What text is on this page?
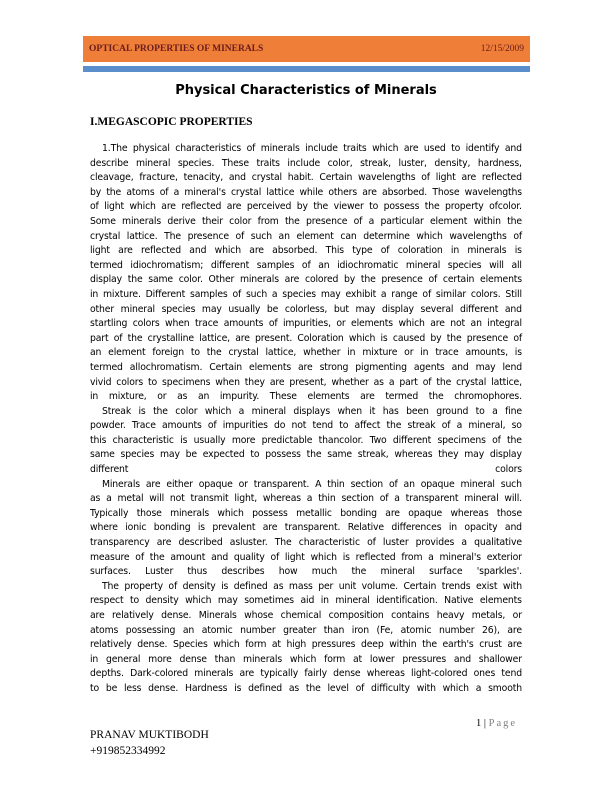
OPTICAL PROPERTIES OF MINERALS	12/15/2009
Physical Characteristics of Minerals
I.MEGASCOPIC PROPERTIES
1.The physical characteristics of minerals include traits which are used to identify and
describe mineral species. These traits include color, streak, luster, density, hardness,
cleavage, fracture, tenacity, and crystal habit. Certain wavelengths of light are reflected
by the atoms of a mineral's crystal lattice while others are absorbed. Those wavelengths
of light which are reflected are perceived by the viewer to possess the property ofcolor.
Some minerals derive their color from the presence of a particular element within the
crystal lattice. The presence of such an element can determine which wavelengths of
light are reflected and which are absorbed. This type of coloration in minerals is
termed idiochromatism; different samples of an idiochromatic mineral species will all
display the same color. Other minerals are colored by the presence of certain elements
in mixture. Different samples of such a species may exhibit a range of similar colors. Still
other mineral species may usually be colorless, but may display several different and
startling colors when trace amounts of impurities, or elements which are not an integral
part of the crystalline lattice, are present. Coloration which is caused by the presence of
an element foreign to the crystal lattice, whether in mixture or in trace amounts, is
termed allochromatism. Certain elements are strong pigmenting agents and may lend
vivid colors to specimens when they are present, whether as a part of the crystal lattice,
in mixture, or as an impurity. These elements are termed the chromophores.
Streak is the color which a mineral displays when it has been ground to a fine
powder. Trace amounts of impurities do not tend to affect the streak of a mineral, so
this characteristic is usually more predictable thancolor. Two different specimens of the
same species may be expected to possess the same streak, whereas they may display
different	colors
Minerals are either opaque or transparent. A thin section of an opaque mineral such
as a metal will not transmit light, whereas a thin section of a transparent mineral will.
Typically those minerals which possess metallic bonding are opaque whereas those
where ionic bonding is prevalent are transparent. Relative differences in opacity and
transparency are described asluster. The characteristic of luster provides a qualitative
measure of the amount and quality of light which is reflected from a mineral's exterior
surfaces. Luster thus describes how much the mineral surface 'sparkles'.
The property of density is defined as mass per unit volume. Certain trends exist with
respect to density which may sometimes aid in mineral identification. Native elements
are relatively dense. Minerals whose chemical composition contains heavy metals, or
atoms possessing an atomic number greater than iron (Fe, atomic number 26), are
relatively dense. Species which form at high pressures deep within the earth's crust are
in general more dense than minerals which form at lower pressures and shallower
depths. Dark-colored minerals are typically fairly dense whereas light-colored ones tend
to be less dense. Hardness is defined as the level of difficulty with which a smooth
1 | Page
PRANAV MUKTIBODH
+919852334992
